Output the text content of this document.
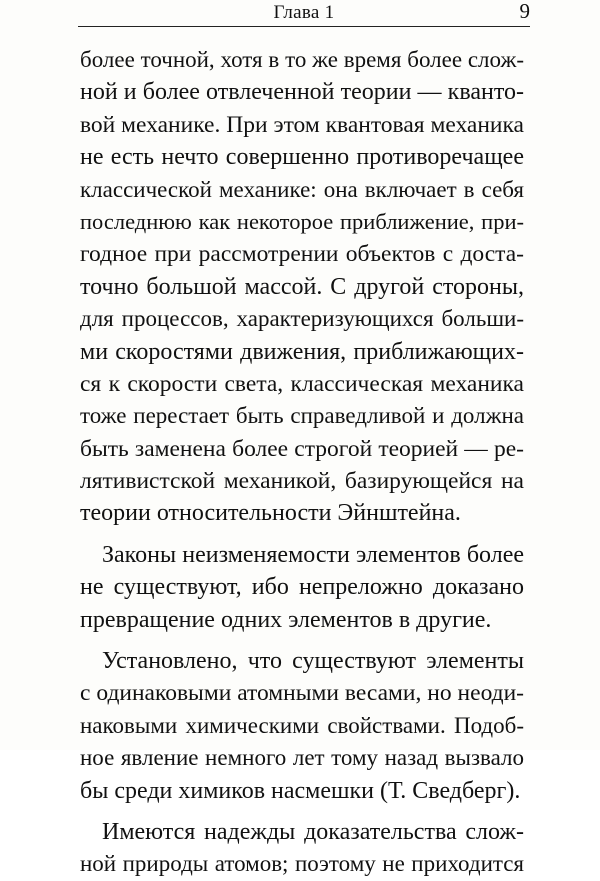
Глава 1	9
более точной, хотя в то же время более слож-
ной и более отвлеченной теории — кванто-
вой механике. При этом квантовая механика
не есть нечто совершенно противоречащее
классической механике: она включает в себя
последнюю как некоторое приближение, при-
годное при рассмотрении объектов с доста-
точно большой массой. С другой стороны,
для процессов, характеризующихся больши-
ми скоростями движения, приближающих-
ся к скорости света, классическая механика
тоже перестает быть справедливой и должна
быть заменена более строгой теорией — ре-
лятивистской механикой, базирующейся на
теории относительности Эйнштейна.
Законы неизменяемости элементов более
не существуют, ибо непреложно доказано
превращение одних элементов в другие.
Установлено, что существуют элементы
с одинаковыми атомными весами, но неоди-
наковыми химическими свойствами. Подоб-
ное явление немного лет тому назад вызвало
бы среди химиков насмешки (Т. Сведберг).
Имеются надежды доказательства слож-
ной природы атомов; поэтому не приходится
